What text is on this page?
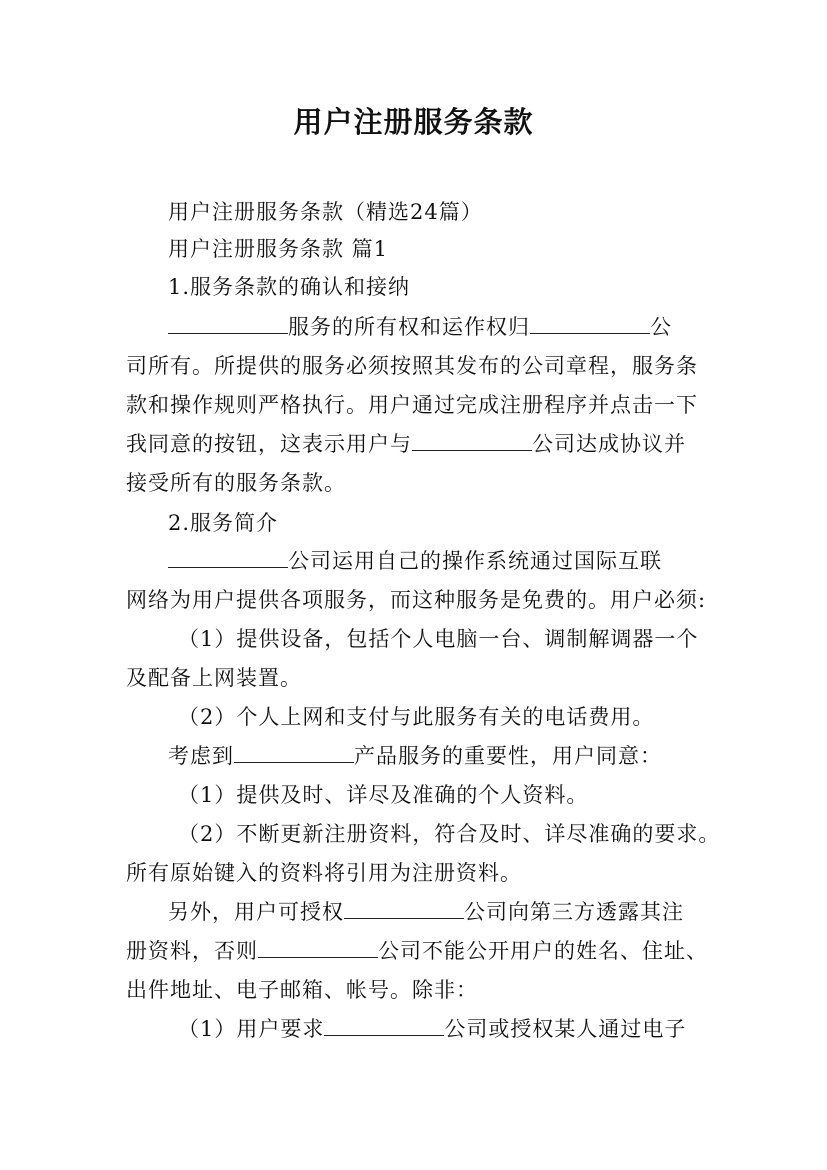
用户注册服务条款
用户注册服务条款（精选24篇）
用户注册服务条款 篇1
1.服务条款的确认和接纳
服务的所有权和运作权归	公
司所有。所提供的服务必须按照其发布的公司章程，服务条
款和操作规则严格执行。用户通过完成注册程序并点击一下
我同意的按钮，这表示用户与	公司达成协议并
接受所有的服务条款。
2.服务简介
公司运用自己的操作系统通过国际互联
网络为用户提供各项服务，而这种服务是免费的。用户必须:
（1）提供设备，包括个人电脑一台、调制解调器一个
及配备上网装置。
（2）个人上网和支付与此服务有关的电话费用。
考虑到	产品服务的重要性，用户同意：
（1）提供及时、详尽及准确的个人资料。
（2）不断更新注册资料，符合及时、详尽准确的要求。
所有原始键入的资料将引用为注册资料。
另外，用户可授权	公司向第三方透露其注
册资料，否则	公司不能公开用户的姓名、住址、
出件地址、电子邮箱、帐号。除非：
（1）用户要求	公司或授权某人通过电子
